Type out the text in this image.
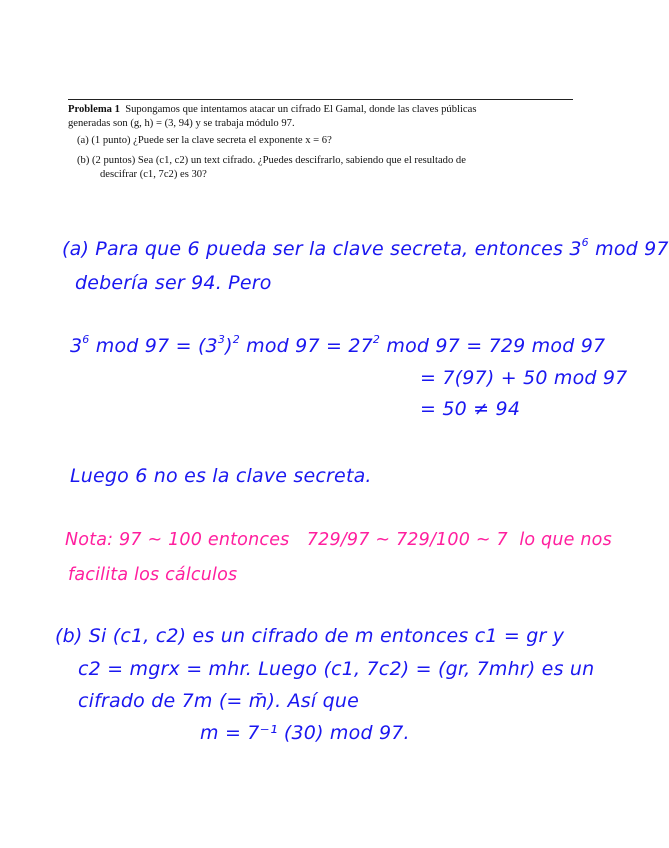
Problema 1 Supongamos que intentamos atacar un cifrado El Gamal, donde las claves públicas
generadas son (g, h) = (3, 94) y se trabaja módulo 97.
(a) (1 punto) ¿Puede ser la clave secreta el exponente x = 6?
(b) (2 puntos) Sea (c1, c2) un text cifrado. ¿Puedes descifrarlo, sabiendo que el resultado de
descifrar (c1, 7c2) es 30?
(a) Para que 6 pueda ser la clave secreta, entonces $3^6$ mod 97
debería ser 94. Pero
$3^6$ mod $97 = (3^3)^2$ mod $97 = 27^2$ mod 97 = 729 mod 97
= 7(97) + 50 mod 97
= 50 ≠ 94
Luego 6 no es la clave secreta.
Nota: 97 ~ 100 entonces 729/97 ~ 729/100 ~ 7 lo que nos
facilita los cálculos
(b) Si (c1, c2) es un cifrado de m entonces c1 = gr y
c2 = mgrx = mhr. Luego (c1, 7c2) = (gr, 7mhr) es un
cifrado de 7m (= m̄). Así que
m = 7⁻¹ (30) mod 97.
